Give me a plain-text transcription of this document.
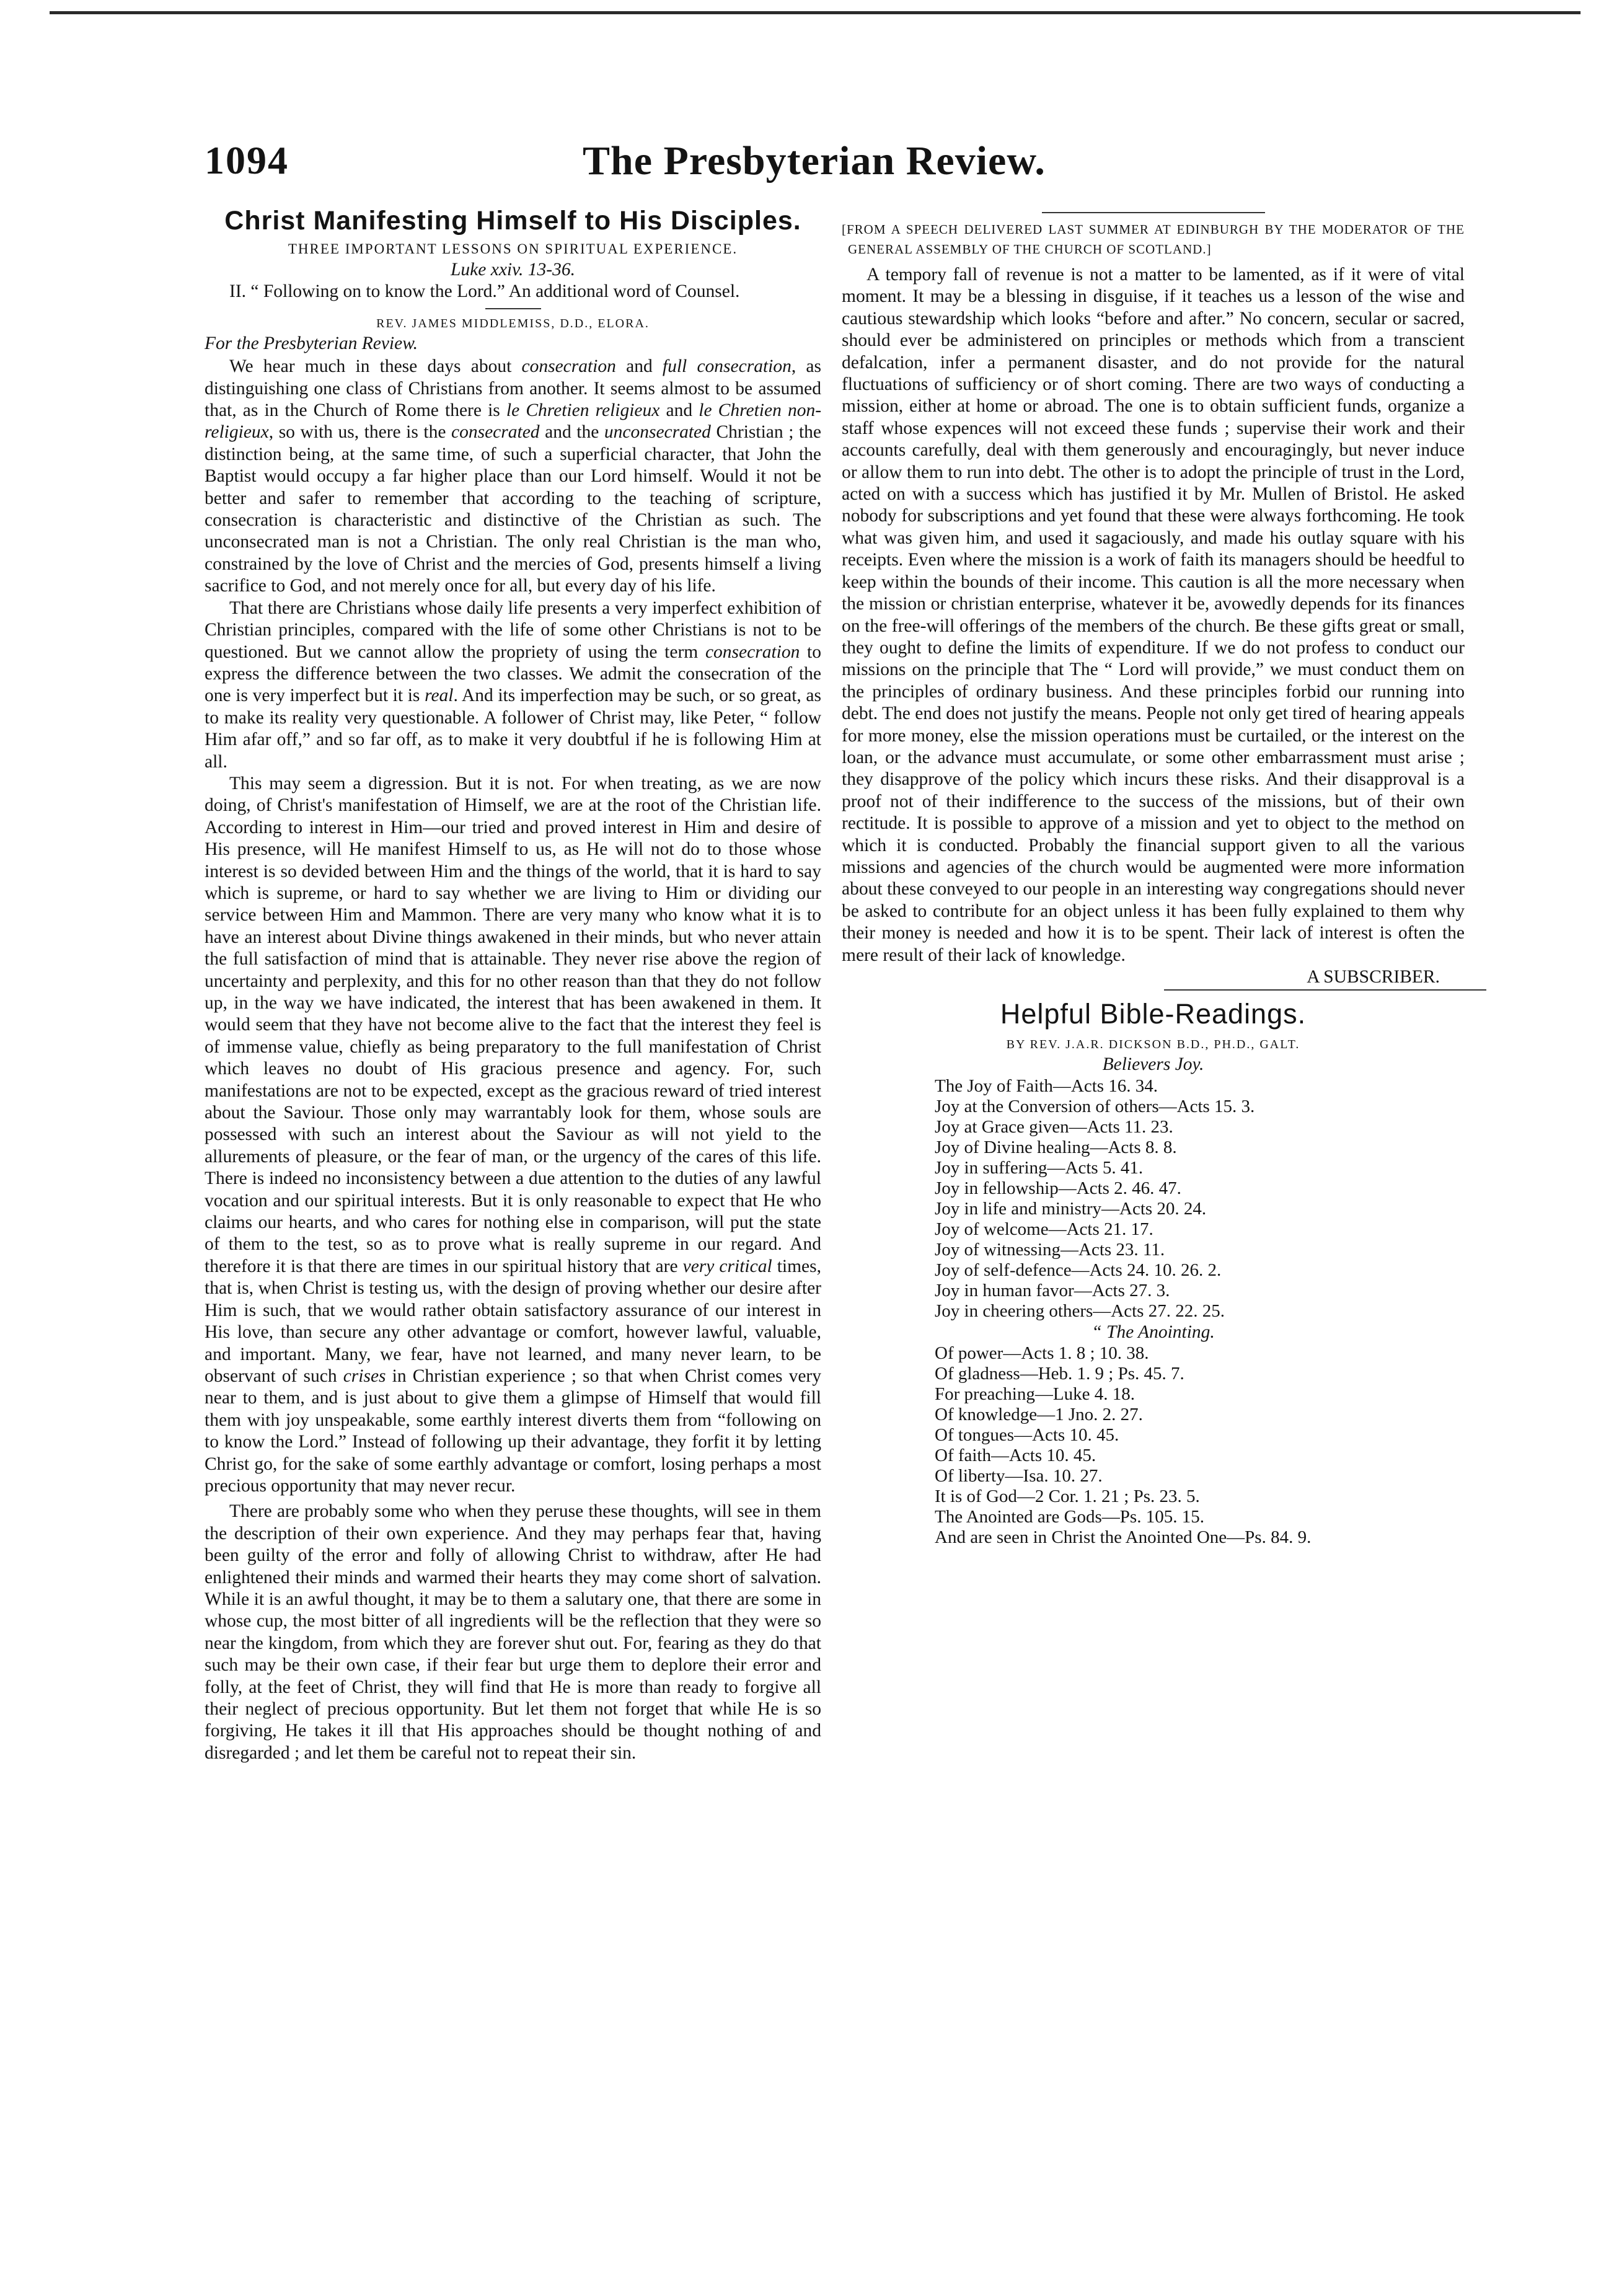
1094	The Presbyterian Review.
Christ Manifesting Himself to His Disciples.
THREE IMPORTANT LESSONS ON SPIRITUAL EXPERIENCE.
Luke xxiv. 13-36.

II. “ Following on to know the Lord.” An additional word of Counsel.

REV. JAMES MIDDLEMISS, D.D., ELORA.
For the Presbyterian Review.

We hear much in these days about consecration and full consecration, as distinguishing one class of Christians from another. It seems almost to be assumed that, as in the Church of Rome there is le Chretien religieux and le Chretien non-religieux, so with us, there is the consecrated and the unconsecrated Christian ; the distinction being, at the same time, of such a superficial character, that John the Baptist would occupy a far higher place than our Lord himself. Would it not be better and safer to remember that according to the teaching of scripture, consecration is characteristic and distinctive of the Christian as such. The unconsecrated man is not a Christian. The only real Christian is the man who, constrained by the love of Christ and the mercies of God, presents himself a living sacrifice to God, and not merely once for all, but every day of his life.

That there are Christians whose daily life presents a very imperfect exhibition of Christian principles, compared with the life of some other Christians is not to be questioned. But we cannot allow the propriety of using the term consecration to express the difference between the two classes. We admit the consecration of the one is very imperfect but it is real. And its imperfection may be such, or so great, as to make its reality very questionable. A follower of Christ may, like Peter, “ follow Him afar off,” and so far off, as to make it very doubtful if he is following Him at all.

This may seem a digression. But it is not. For when treating, as we are now doing, of Christ's manifestation of Himself, we are at the root of the Christian life. According to interest in Him—our tried and proved interest in Him and desire of His presence, will He manifest Himself to us, as He will not do to those whose interest is so devided between Him and the things of the world, that it is hard to say which is supreme, or hard to say whether we are living to Him or dividing our service between Him and Mammon. There are very many who know what it is to have an interest about Divine things awakened in their minds, but who never attain the full satisfaction of mind that is attainable. They never rise above the region of uncertainty and perplexity, and this for no other reason than that they do not follow up, in the way we have indicated, the interest that has been awakened in them. It would seem that they have not become alive to the fact that the interest they feel is of immense value, chiefly as being preparatory to the full manifestation of Christ which leaves no doubt of His gracious presence and agency. For, such manifestations are not to be expected, except as the gracious reward of tried interest about the Saviour. Those only may warrantably look for them, whose souls are possessed with such an interest about the Saviour as will not yield to the allurements of pleasure, or the fear of man, or the urgency of the cares of this life. There is indeed no inconsistency between a due attention to the duties of any lawful vocation and our spiritual interests. But it is only reasonable to expect that He who claims our hearts, and who cares for nothing else in comparison, will put the state of them to the test, so as to prove what is really supreme in our regard. And therefore it is that there are times in our spiritual history that are very critical times, that is, when Christ is testing us, with the design of proving whether our desire after Him is such, that we would rather obtain satisfactory assurance of our interest in His love, than secure any other advantage or comfort, however lawful, valuable, and important. Many, we fear, have not learned, and many never learn, to be observant of such crises in Christian experience ; so that when Christ comes very near to them, and is just about to give them a glimpse of Himself that would fill them with joy unspeakable, some earthly interest diverts them from “following on to know the Lord.” Instead of following up their advantage, they forfit it by letting Christ go, for the sake of some earthly advantage or comfort, losing perhaps a most precious opportunity that may never recur.

There are probably some who when they peruse these thoughts, will see in them the description of their own experience. And they may perhaps fear that, having been guilty of the error and folly of allowing Christ to withdraw, after He had enlightened their minds and warmed their hearts they may come short of salvation. While it is an awful thought, it may be to them a salutary one, that there are some in whose cup, the most bitter of all ingredients will be the reflection that they were so near the kingdom, from which they are forever shut out. For, fearing as they do that such may be their own case, if their fear but urge them to deplore their error and folly, at the feet of Christ, they will find that He is more than ready to forgive all their neglect of precious opportunity. But let them not forget that while He is so forgiving, He takes it ill that His approaches should be thought nothing of and disregarded ; and let them be careful not to repeat their sin.

[FROM A SPEECH DELIVERED LAST SUMMER AT EDINBURGH BY THE MODERATOR OF THE GENERAL ASSEMBLY OF THE CHURCH OF SCOTLAND.]

A tempory fall of revenue is not a matter to be lamented, as if it were of vital moment. It may be a blessing in disguise, if it teaches us a lesson of the wise and cautious stewardship which looks “before and after.” No concern, secular or sacred, should ever be administered on principles or methods which from a transcient defalcation, infer a permanent disaster, and do not provide for the natural fluctuations of sufficiency or of short coming. There are two ways of conducting a mission, either at home or abroad. The one is to obtain sufficient funds, organize a staff whose expences will not exceed these funds ; supervise their work and their accounts carefully, deal with them generously and encouragingly, but never induce or allow them to run into debt. The other is to adopt the principle of trust in the Lord, acted on with a success which has justified it by Mr. Mullen of Bristol. He asked nobody for subscriptions and yet found that these were always forthcoming. He took what was given him, and used it sagaciously, and made his outlay square with his receipts. Even where the mission is a work of faith its managers should be heedful to keep within the bounds of their income. This caution is all the more necessary when the mission or christian enterprise, whatever it be, avowedly depends for its finances on the free-will offerings of the members of the church. Be these gifts great or small, they ought to define the limits of expenditure. If we do not profess to conduct our missions on the principle that The “ Lord will provide,” we must conduct them on the principles of ordinary business. And these principles forbid our running into debt. The end does not justify the means. People not only get tired of hearing appeals for more money, else the mission operations must be curtailed, or the interest on the loan, or the advance must accumulate, or some other embarrassment must arise ; they disapprove of the policy which incurs these risks. And their disapproval is a proof not of their indifference to the success of the missions, but of their own rectitude. It is possible to approve of a mission and yet to object to the method on which it is conducted. Probably the financial support given to all the various missions and agencies of the church would be augmented were more information about these conveyed to our people in an interesting way congregations should never be asked to contribute for an object unless it has been fully explained to them why their money is needed and how it is to be spent. Their lack of interest is often the mere result of their lack of knowledge.

A SUBSCRIBER.
Helpful Bible-Readings.
BY REV. J.A.R. DICKSON B.D., PH.D., GALT.
Believers Joy.
The Joy of Faith—Acts 16. 34.
Joy at the Conversion of others—Acts 15. 3.
Joy at Grace given—Acts 11. 23.
Joy of Divine healing—Acts 8. 8.
Joy in suffering—Acts 5. 41.
Joy in fellowship—Acts 2. 46. 47.
Joy in life and ministry—Acts 20. 24.
Joy of welcome—Acts 21. 17.
Joy of witnessing—Acts 23. 11.
Joy of self-defence—Acts 24. 10. 26. 2.
Joy in human favor—Acts 27. 3.
Joy in cheering others—Acts 27. 22. 25.
“ The Anointing.
Of power—Acts 1. 8 ; 10. 38.
Of gladness—Heb. 1. 9 ; Ps. 45. 7.
For preaching—Luke 4. 18.
Of knowledge—1 Jno. 2. 27.
Of tongues—Acts 10. 45.
Of faith—Acts 10. 45.
Of liberty—Isa. 10. 27.
It is of God—2 Cor. 1. 21 ; Ps. 23. 5.
The Anointed are Gods—Ps. 105. 15.
And are seen in Christ the Anointed One—Ps. 84. 9.
